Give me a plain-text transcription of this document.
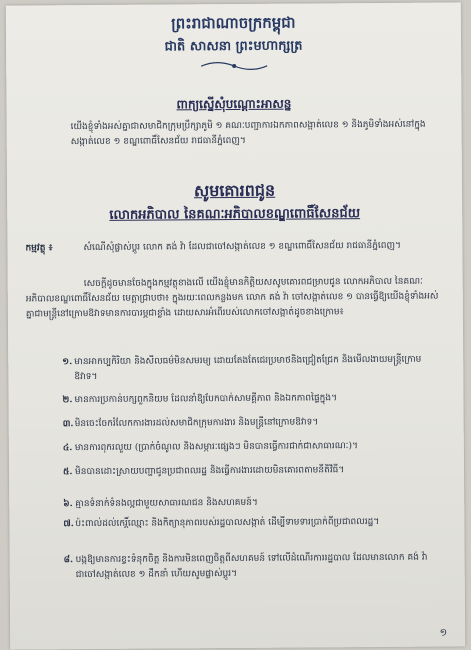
ព្រះរាជាណាចក្រកម្ពុជា
ជាតិ សាសនា ព្រះមហាក្សត្រ
ពាក្យស្នើសុំបណ្តោះអាសន្ន
យើងខ្ញុំទាំងអស់គ្នាជាសមាជិកក្រុមប្រឹក្សាភូមិ ១ គណៈបញ្ជាការឯកភាពសង្កាត់លេខ ១ និងភូមិទាំងអស់នៅក្នុងសង្កាត់លេខ ១ ខណ្ឌពោធិ៍សែនជ័យ រាជធានីភ្នំពេញ។
សូមគោរពជូន
លោកអភិបាល នៃគណៈអភិបាលខណ្ឌពោធិ៍សែនជ័យ
កម្មវត្ថុ ៖	សំណើសុំផ្លាស់ប្តូរ លោក គង់ វ៉ា ដែលជាចៅសង្កាត់លេខ ១ ខណ្ឌពោធិ៍សែនជ័យ រាជធានីភ្នំពេញ។
សេចក្តីដូចមានចែងក្នុងកម្មវត្ថុខាងលើ យើងខ្ញុំមានកិត្តិយសសូមគោរពជម្រាបជូន លោកអភិបាល នៃគណៈអភិបាលខណ្ឌពោធិ៍សែនជ័យ មេត្តាជ្រាបថា៖ ក្នុងរយៈពេលកន្លងមក លោក គង់ វ៉ា ចៅសង្កាត់លេខ ១ បានធ្វើឱ្យយើងខ្ញុំទាំងអស់គ្នាជាមន្ត្រីនៅក្រោមឱវាទមានការបារម្ភជាខ្លាំង ដោយសារអំពើរបស់លោកចៅសង្កាត់ដូចខាងក្រោម៖
១. មានអាកប្បកិរិយា និងសីលធម៌មិនសមរម្យ ដោយតែងតែជេរប្រមាថនិងជ្រៀតជ្រែក និងមើលងាយមន្ត្រីក្រោមឱវាទ។
២. មានការប្រកាន់បក្សពួកនិយម ដែលនាំឱ្យបែកបាក់សាមគ្គីភាព និងឯកភាពផ្ទៃក្នុង។
៣. មិនចេះចែករំលែកការងារដល់សមាជិកក្រុមការងារ និងមន្ត្រីនៅក្រោមឱវាទ។
៤. មានការពុករលួយ (ប្រាក់ចំណូល និងសម្ភារៈផ្សេងៗ មិនបានធ្វើការជាក់ជាសាធារណៈ)។
៥. មិនបានដោះស្រាយបញ្ហាជូនប្រជាពលរដ្ឋ និងធ្វើការងារដោយមិនគោរពតាមនីតិវិធី។
៦. គ្មានទំនាក់ទំនងល្អជាមួយសាធារណជន និងសហគមន៍។
៧. ប៉ះពាល់ដល់កេរ្តិ៍ឈ្មោះ និងកិត្យានុភាពរបស់រដ្ឋបាលសង្កាត់ ដើម្បីទាមទារប្រាក់ពីប្រជាពលរដ្ឋ។
៨. បង្កឱ្យមានការខ្វះទំនុកចិត្ត និងការមិនពេញចិត្តពីសហគមន៍ ទៅលើដំណើរការរដ្ឋបាល ដែលមានលោក គង់ វ៉ា ជាចៅសង្កាត់លេខ ១ ដឹកនាំ ហើយសូមផ្លាស់ប្តូរ។
១
